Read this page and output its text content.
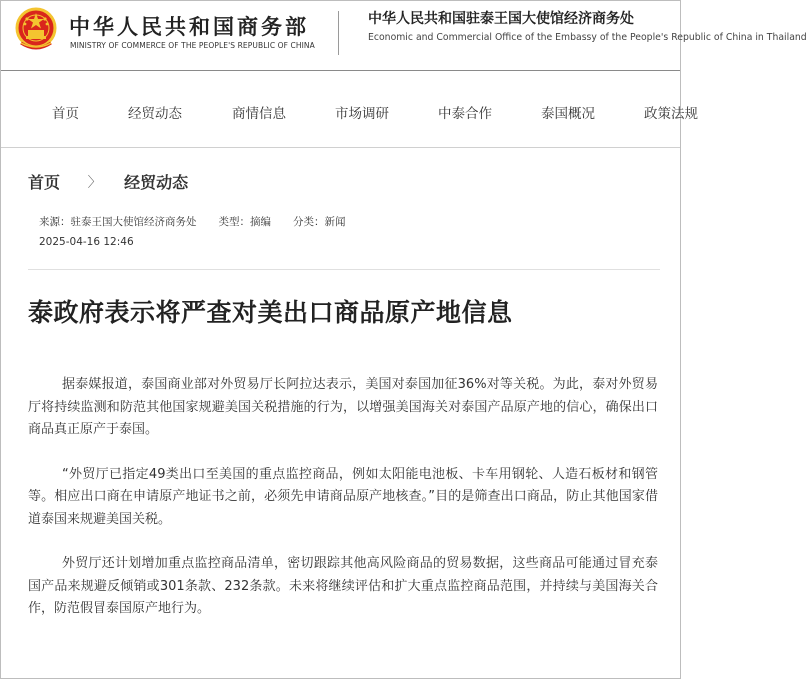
中华人民共和国商务部
MINISTRY OF COMMERCE OF THE PEOPLE'S REPUBLIC OF CHINA
中华人民共和国驻泰王国大使馆经济商务处
Economic and Commercial Office of the Embassy of the People's Republic of China in Thailand
首页	经贸动态	商情信息	市场调研	中泰合作	泰国概况	政策法规
首页 〉 经贸动态
来源：驻泰王国大使馆经济商务处 类型：摘编 分类：新闻
2025-04-16 12:46
泰政府表示将严查对美出口商品原产地信息

据泰媒报道，泰国商业部对外贸易厅长阿拉达表示，美国对泰国加征36%对等关税。为此，泰对外贸易厅将持续监测和防范其他国家规避美国关税措施的行为，以增强美国海关对泰国产品原产地的信心，确保出口商品真正原产于泰国。

“外贸厅已指定49类出口至美国的重点监控商品，例如太阳能电池板、卡车用钢轮、人造石板材和钢管等。相应出口商在申请原产地证书之前，必须先申请商品原产地核查。”目的是筛查出口商品，防止其他国家借道泰国来规避美国关税。

外贸厅还计划增加重点监控商品清单，密切跟踪其他高风险商品的贸易数据，这些商品可能通过冒充泰国产品来规避反倾销或301条款、232条款。未来将继续评估和扩大重点监控商品范围，并持续与美国海关合作，防范假冒泰国原产地行为。
